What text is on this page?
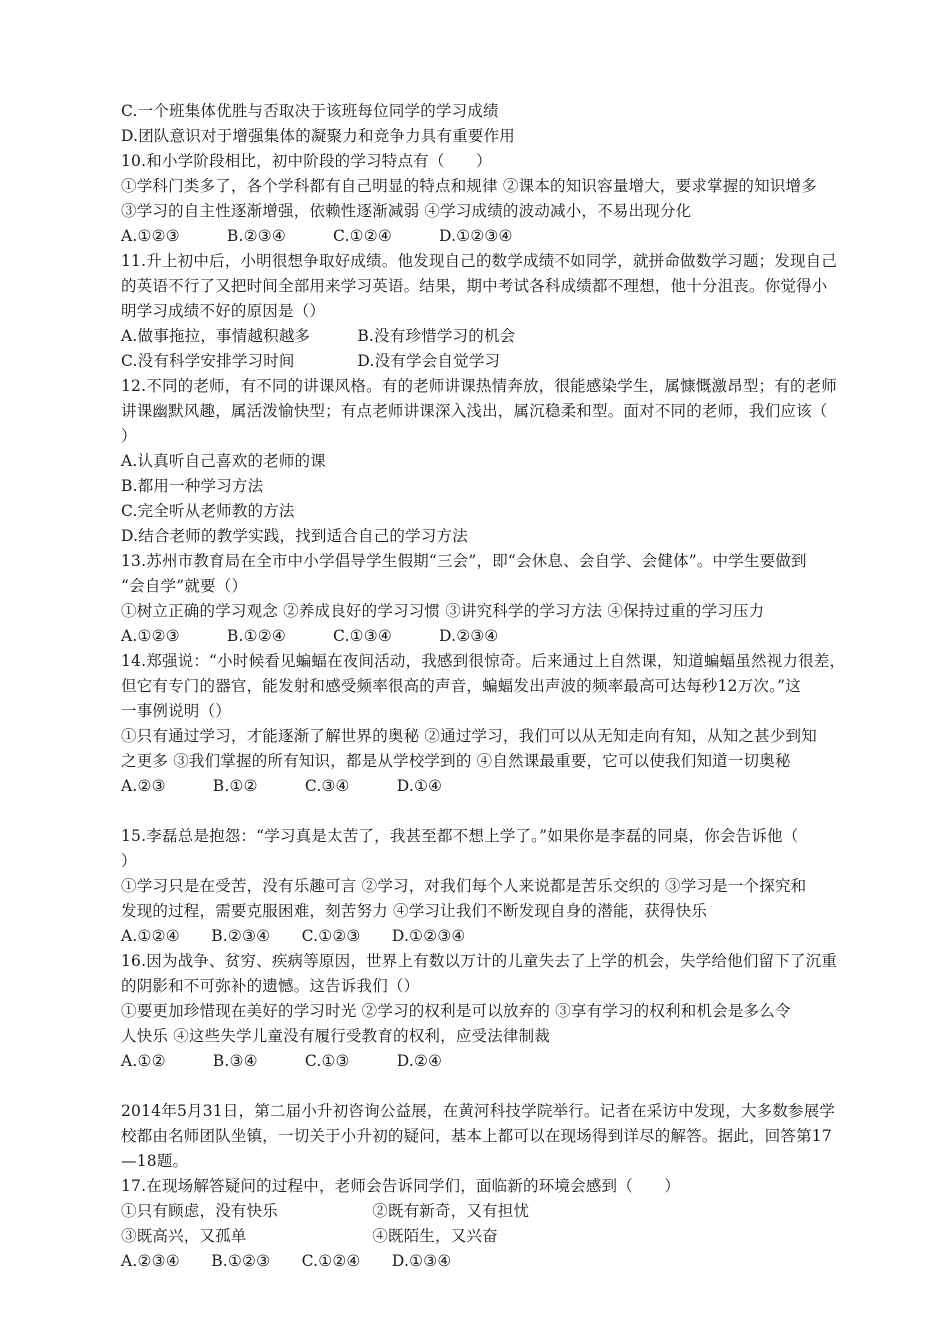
C.一个班集体优胜与否取决于该班每位同学的学习成绩
D.团队意识对于增强集体的凝聚力和竞争力具有重要作用
10.和小学阶段相比，初中阶段的学习特点有（　　）
①学科门类多了，各个学科都有自己明显的特点和规律 ②课本的知识容量增大，要求掌握的知识增多
③学习的自主性逐渐增强，依赖性逐渐减弱 ④学习成绩的波动减小，不易出现分化
A.①②③　　　B.②③④　　　C.①②④　　　D.①②③④
11.升上初中后，小明很想争取好成绩。他发现自己的数学成绩不如同学，就拼命做数学习题；发现自己
的英语不行了又把时间全部用来学习英语。结果，期中考试各科成绩都不理想，他十分沮丧。你觉得小
明学习成绩不好的原因是（）
A.做事拖拉，事情越积越多　　　B.没有珍惜学习的机会
C.没有科学安排学习时间　　　　D.没有学会自觉学习
12.不同的老师，有不同的讲课风格。有的老师讲课热情奔放，很能感染学生，属慷慨激昂型；有的老师
讲课幽默风趣，属活泼愉快型；有点老师讲课深入浅出，属沉稳柔和型。面对不同的老师，我们应该（
）
A.认真听自己喜欢的老师的课
B.都用一种学习方法
C.完全听从老师教的方法
D.结合老师的教学实践，找到适合自己的学习方法
13.苏州市教育局在全市中小学倡导学生假期“三会”，即“会休息、会自学、会健体”。中学生要做到
“会自学”就要（）
①树立正确的学习观念 ②养成良好的学习习惯 ③讲究科学的学习方法 ④保持过重的学习压力
A.①②③　　　B.①②④　　　C.①③④　　　D.②③④
14.郑强说：“小时候看见蝙蝠在夜间活动，我感到很惊奇。后来通过上自然课，知道蝙蝠虽然视力很差，
但它有专门的器官，能发射和感受频率很高的声音，蝙蝠发出声波的频率最高可达每秒12万次。”这
一事例说明（）
①只有通过学习，才能逐渐了解世界的奥秘 ②通过学习，我们可以从无知走向有知，从知之甚少到知
之更多 ③我们掌握的所有知识，都是从学校学到的 ④自然课最重要，它可以使我们知道一切奥秘
A.②③　　　B.①②　　　C.③④　　　D.①④
15.李磊总是抱怨：“学习真是太苦了，我甚至都不想上学了。”如果你是李磊的同桌，你会告诉他（
）
①学习只是在受苦，没有乐趣可言 ②学习，对我们每个人来说都是苦乐交织的 ③学习是一个探究和
发现的过程，需要克服困难，刻苦努力 ④学习让我们不断发现自身的潜能，获得快乐
A.①②④　　B.②③④　　C.①②③　　D.①②③④
16.因为战争、贫穷、疾病等原因，世界上有数以万计的儿童失去了上学的机会，失学给他们留下了沉重
的阴影和不可弥补的遗憾。这告诉我们（）
①要更加珍惜现在美好的学习时光 ②学习的权利是可以放弃的 ③享有学习的权利和机会是多么令
人快乐 ④这些失学儿童没有履行受教育的权利，应受法律制裁
A.①②　　　B.③④　　　C.①③　　　D.②④
2014年5月31日，第二届小升初咨询公益展，在黄河科技学院举行。记者在采访中发现，大多数参展学
校都由名师团队坐镇，一切关于小升初的疑问，基本上都可以在现场得到详尽的解答。据此，回答第17
—18题。
17.在现场解答疑问的过程中，老师会告诉同学们，面临新的环境会感到（　　）
①只有顾虑，没有快乐　　　　　　②既有新奇，又有担忧
③既高兴，又孤单　　　　　　　　④既陌生，又兴奋
A.②③④　　B.①②③　　C.①②④　　D.①③④
